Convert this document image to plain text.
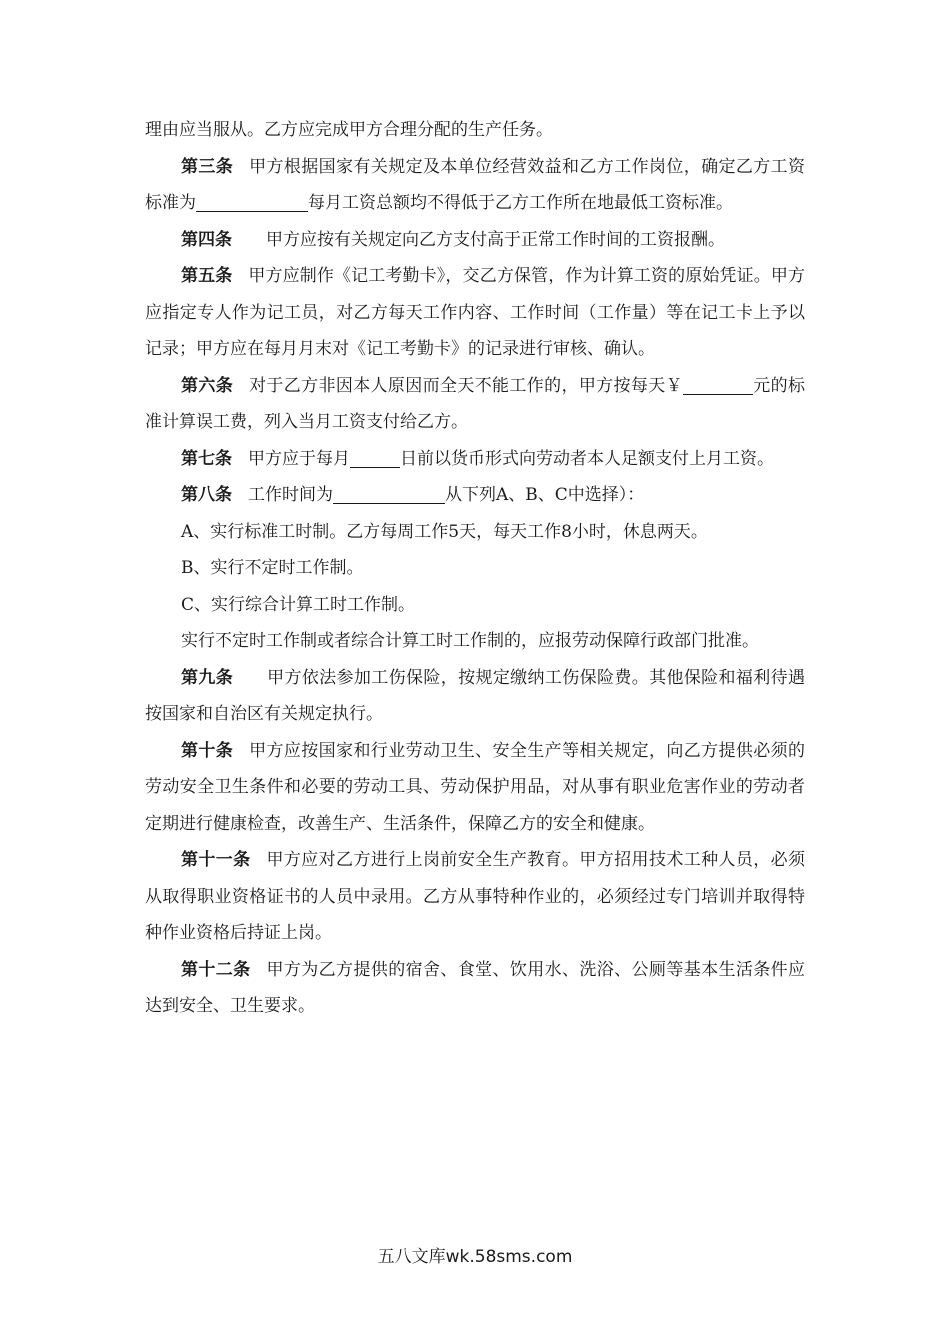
理由应当服从。乙方应完成甲方合理分配的生产任务。

第三条 甲方根据国家有关规定及本单位经营效益和乙方工作岗位，确定乙方工资标准为	每月工资总额均不得低于乙方工作所在地最低工资标准。

第四条 甲方应按有关规定向乙方支付高于正常工作时间的工资报酬。

第五条 甲方应制作《记工考勤卡》，交乙方保管，作为计算工资的原始凭证。甲方应指定专人作为记工员，对乙方每天工作内容、工作时间（工作量）等在记工卡上予以记录；甲方应在每月月末对《记工考勤卡》的记录进行审核、确认。

第六条 对于乙方非因本人原因而全天不能工作的，甲方按每天￥	元的标准计算误工费，列入当月工资支付给乙方。

第七条 甲方应于每月	日前以货币形式向劳动者本人足额支付上月工资。

第八条 工作时间为	从下列A、B、C中选择）：

A、实行标准工时制。乙方每周工作5天，每天工作8小时，休息两天。

B、实行不定时工作制。

C、实行综合计算工时工作制。

实行不定时工作制或者综合计算工时工作制的，应报劳动保障行政部门批准。

第九条 甲方依法参加工伤保险，按规定缴纳工伤保险费。其他保险和福利待遇按国家和自治区有关规定执行。

第十条 甲方应按国家和行业劳动卫生、安全生产等相关规定，向乙方提供必须的劳动安全卫生条件和必要的劳动工具、劳动保护用品，对从事有职业危害作业的劳动者定期进行健康检查，改善生产、生活条件，保障乙方的安全和健康。

第十一条 甲方应对乙方进行上岗前安全生产教育。甲方招用技术工种人员，必须从取得职业资格证书的人员中录用。乙方从事特种作业的，必须经过专门培训并取得特种作业资格后持证上岗。

第十二条 甲方为乙方提供的宿舍、食堂、饮用水、洗浴、公厕等基本生活条件应达到安全、卫生要求。

五八文库wk.58sms.com
